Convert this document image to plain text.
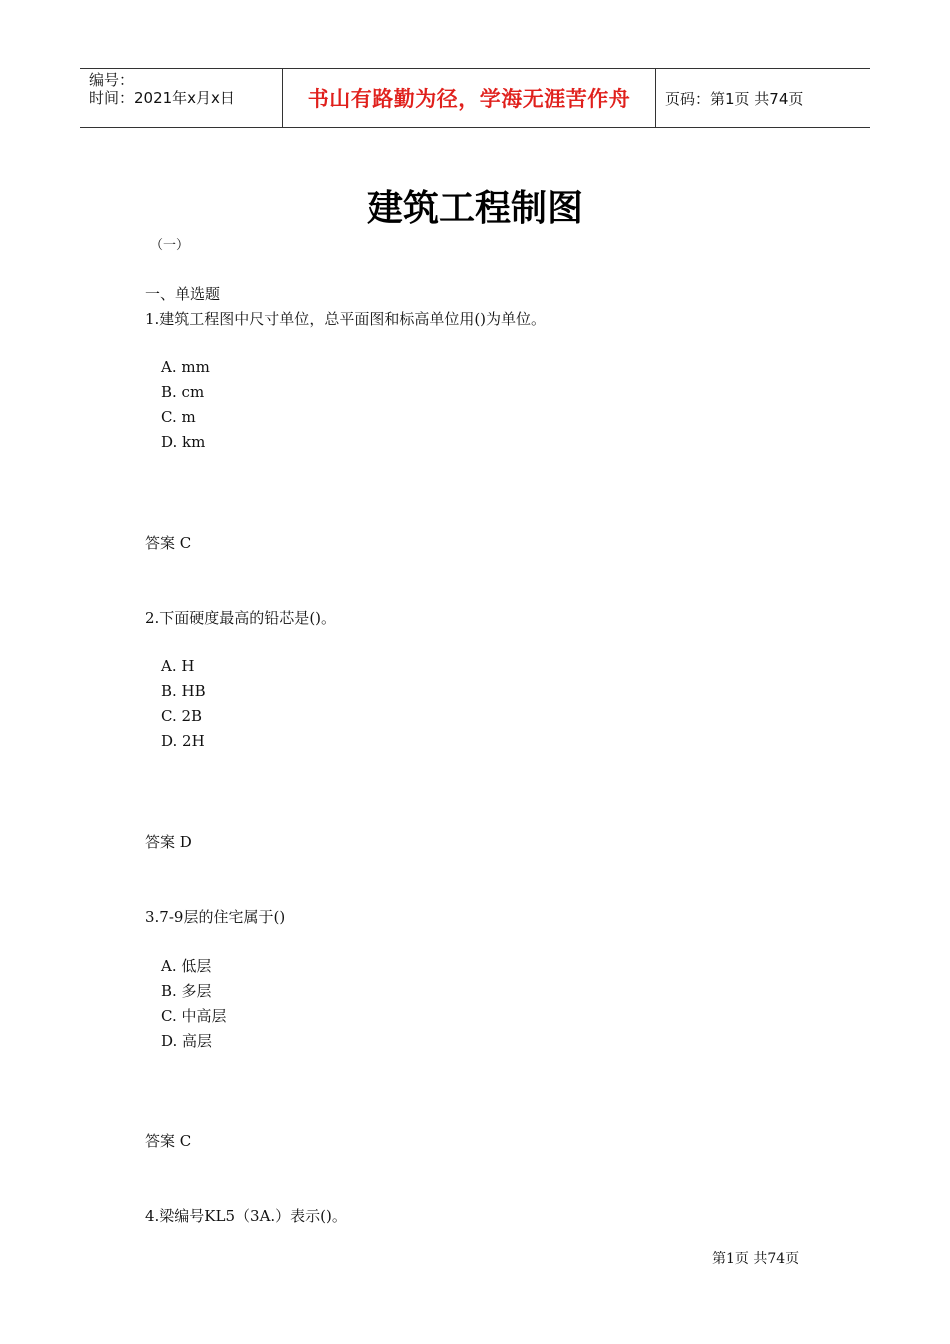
编号：
时间：2021年x月x日	书山有路勤为径，学海无涯苦作舟	页码：第1页 共74页
建筑工程制图
（一）
一、单选题
1.建筑工程图中尺寸单位，总平面图和标高单位用()为单位。
A. mm
B. cm
C. m
D. km
答案 C
2.下面硬度最高的铅芯是()。
A. H
B. HB
C. 2B
D. 2H
答案 D
3.7-9层的住宅属于()
A. 低层
B. 多层
C. 中高层
D. 高层
答案 C
4.梁编号KL5（3A.）表示()。
第1页 共74页
